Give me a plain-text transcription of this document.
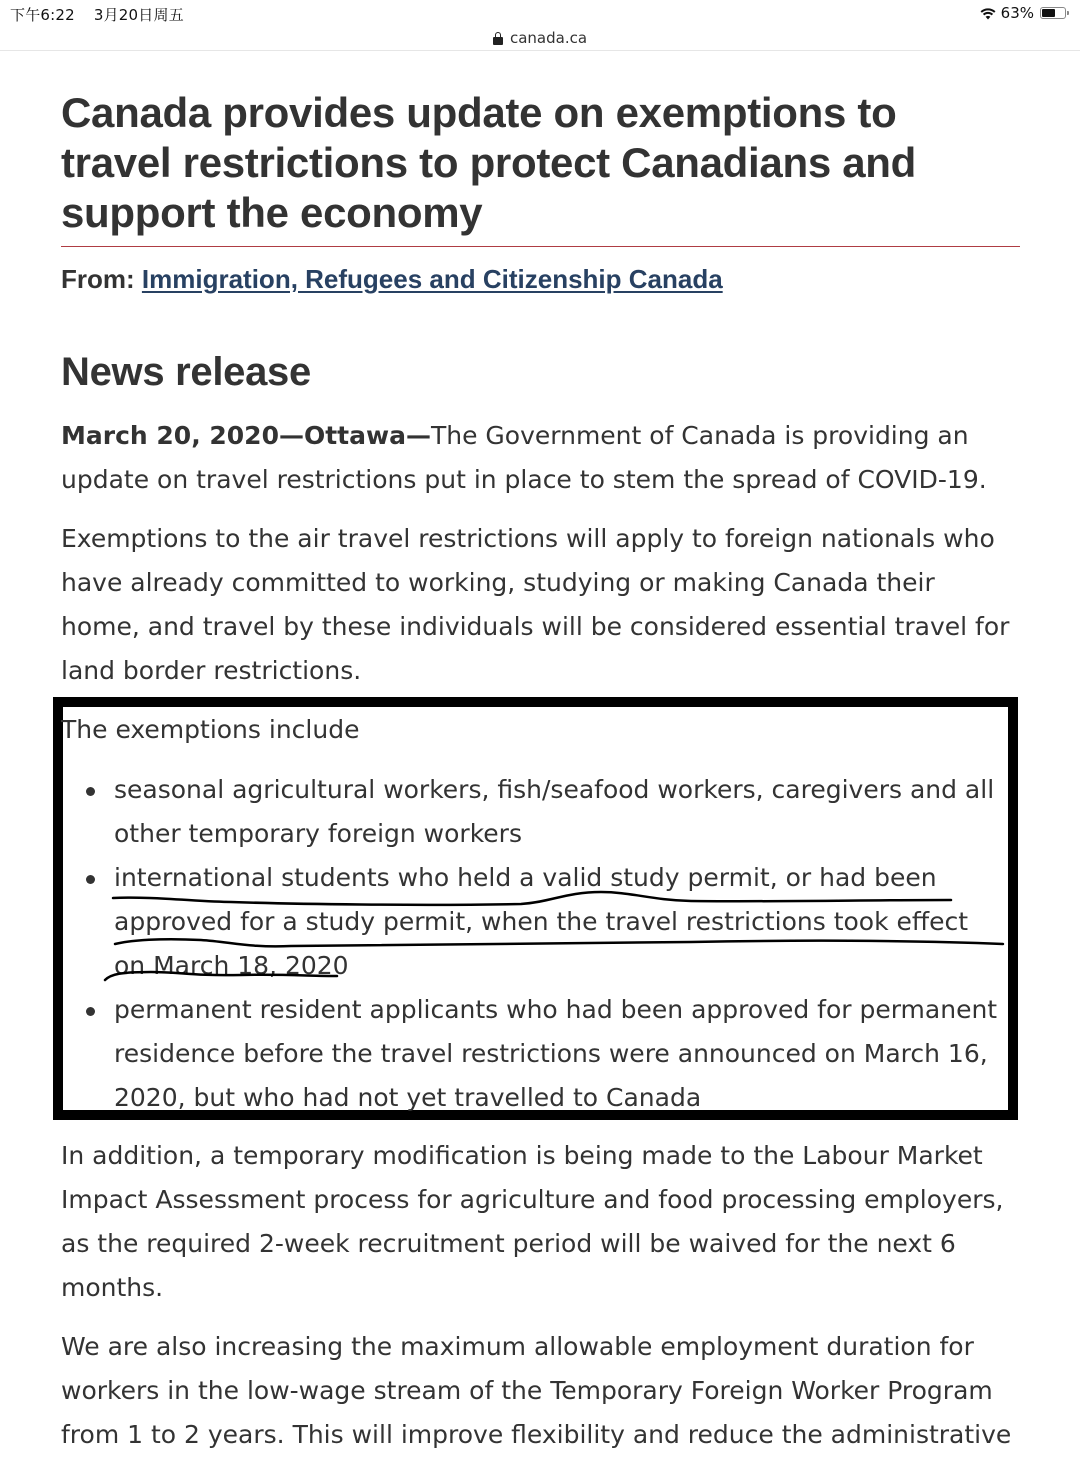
下午6:22 3月20日周五	63%
canada.ca
Canada provides update on exemptions to travel restrictions to protect Canadians and support the economy
From: Immigration, Refugees and Citizenship Canada
News release

March 20, 2020—Ottawa—The Government of Canada is providing an update on travel restrictions put in place to stem the spread of COVID-19.

Exemptions to the air travel restrictions will apply to foreign nationals who have already committed to working, studying or making Canada their home, and travel by these individuals will be considered essential travel for land border restrictions.

The exemptions include
seasonal agricultural workers, fish/seafood workers, caregivers and all other temporary foreign workers
international students who held a valid study permit, or had been approved for a study permit, when the travel restrictions took effect on March 18, 2020
permanent resident applicants who had been approved for permanent residence before the travel restrictions were announced on March 16, 2020, but who had not yet travelled to Canada

In addition, a temporary modification is being made to the Labour Market Impact Assessment process for agriculture and food processing employers, as the required 2-week recruitment period will be waived for the next 6 months.

We are also increasing the maximum allowable employment duration for workers in the low-wage stream of the Temporary Foreign Worker Program from 1 to 2 years. This will improve flexibility and reduce the administrative
